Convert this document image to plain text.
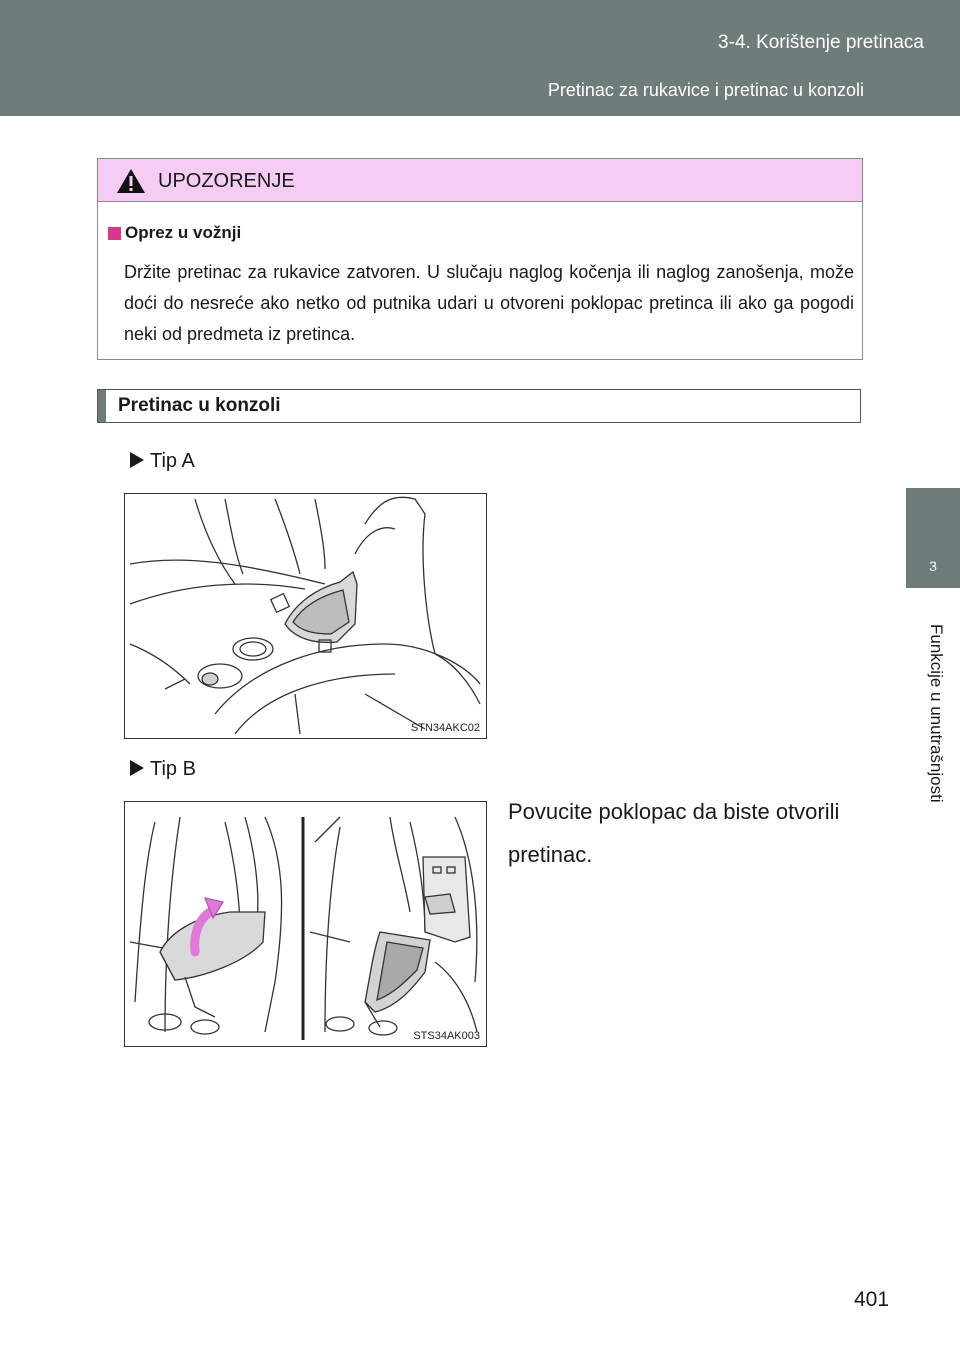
3-4. Korištenje pretinaca
Pretinac za rukavice i pretinac u konzoli
3
Funkcije u unutrašnjosti
UPOZORENJE
Oprez u vožnji
Držite pretinac za rukavice zatvoren. U slučaju naglog kočenja ili naglog zanošenja, može doći do nesreće ako netko od putnika udari u otvoreni poklopac pretinca ili ako ga pogodi neki od predmeta iz pretinca.
Pretinac u konzoli
Tip A
STN34AKC02
Tip B
STS34AK003
Povucite poklopac da biste otvorili pretinac.
401
